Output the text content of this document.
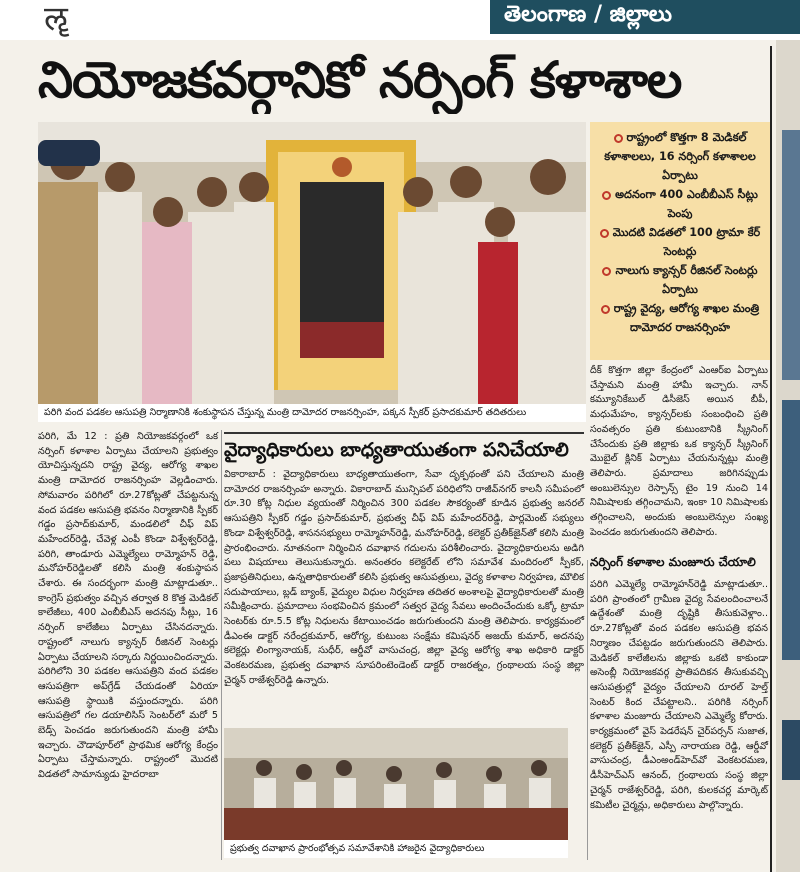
ॡ	తెలంగాణ / జిల్లాలు
నియోజకవర్గానికో నర్సింగ్ కళాశాల
పరిగి వంద పడకల ఆసుపత్రి నిర్మాణానికి శంకుస్థాపన చేస్తున్న మంత్రి దామోదర రాజనర్సింహ, పక్కన స్పీకర్ ప్రసాదకుమార్ తదితరులు
రాష్ట్రంలో కొత్తగా 8 మెడికల్ కళాశాలలు, 16 నర్సింగ్ కళాశాలల ఏర్పాటు
అదనంగా 400 ఎంబీబీఎస్ సీట్లు పెంపు
మొదటి విడతలో 100 ట్రామా కేర్ సెంటర్లు
నాలుగు క్యాన్సర్ రీజినల్ సెంటర్లు ఏర్పాటు
రాష్ట్ర వైద్య, ఆరోగ్య శాఖల మంత్రి దామోదర రాజనర్సింహ
పరిగి, మే 12 : ప్రతి నియోజకవర్గంలో ఒక నర్సింగ్ కళాశాల ఏర్పాటు చేయాలని ప్రభుత్వం యోచిస్తున్నదని రాష్ట్ర వైద్య, ఆరోగ్య శాఖల మంత్రి దామోదర రాజనర్సింహ వెల్లడించారు. సోమవారం పరిగిలో రూ.27కోట్లతో చేపట్టనున్న వంద పడకల ఆసుపత్రి భవనం నిర్మాణానికి స్పీకర్ గడ్డం ప్రసాద్‌కుమార్, మండలిలో చీఫ్ విప్ మహేందర్‌రెడ్డి, చేవెళ్ల ఎంపీ కొండా విశ్వేశ్వర్‌రెడ్డి, పరిగి, తాండూరు ఎమ్మెల్యేలు రామ్మోహన్ రెడ్డి, మనోహర్‌రెడ్డిలతో కలిసి మంత్రి శంకుస్థాపన చేశారు. ఈ సందర్భంగా మంత్రి మాట్లాడుతూ.. కాంగ్రెస్ ప్రభుత్వం వచ్చిన తర్వాత 8 కొత్త మెడికల్ కాలేజీలు, 400 ఎంబీబీఎస్ అదనపు సీట్లు, 16 నర్సింగ్ కాలేజీలు ఏర్పాటు చేసినదన్నారు. రాష్ట్రంలో నాలుగు క్యాన్సర్ రీజినల్ సెంటర్లు ఏర్పాటు చేయాలని సర్కారు నిర్ణయించిందన్నారు. పరిగిలోని 30 పడకల ఆసుపత్రిని వంద పడకల ఆసుపత్రిగా అప్‌గ్రేడ్ చేయడంతో ఏరియా ఆసుపత్రి స్థాయికి వస్తుందన్నారు. పరిగి ఆసుపత్రిలో గల డయాలిసిస్ సెంటర్‌లో మరో 5 బెడ్స్ పెంచడం జరుగుతుందని మంత్రి హామీ ఇచ్చారు. చౌడాపూర్‌లో ప్రాథమిక ఆరోగ్య కేంద్రం ఏర్పాటు చేస్తామన్నారు. రాష్ట్రంలో మొదటి విడతలో సామాన్యుడు హైదరాబా
వైద్యాధికారులు బాధ్యతాయుతంగా పనిచేయాలి
వికారాబాద్ : వైద్యాధికారులు బాధ్యతాయుతంగా, సేవా దృక్పథంతో పని చేయాలని మంత్రి దామోదర రాజనర్సింహ అన్నారు. వికారాబాద్ మున్సిపల్ పరిధిలోని రాజీవ్‌నగర్ కాలనీ సమీపంలో రూ.30 కోట్ల నిధుల వ్యయంతో నిర్మించిన 300 పడకల సౌకర్యంతో కూడిన ప్రభుత్వ జనరల్ ఆసుపత్రిని స్పీకర్ గడ్డం ప్రసాద్‌కుమార్, ప్రభుత్వ చీఫ్ విప్ మహేందర్‌రెడ్డి, పార్లమెంట్ సభ్యులు కొండా విశ్వేశ్వర్‌రెడ్డి, శాసనసభ్యులు రామ్మోహన్‌రెడ్డి, మనోహర్‌రెడ్డి, కలెక్టర్ ప్రతీక్‌జైన్‌తో కలిసి మంత్రి ప్రారంభించారు. నూతనంగా నిర్మించిన దవాఖాన గదులను పరిశీలించారు. వైద్యాధికారులను అడిగి పలు విషయాలు తెలుసుకున్నారు. అనంతరం కలెక్టరేట్ లోని సమావేశ మందిరంలో స్పీకర్, ప్రజాప్రతినిధులు, ఉన్నతాధికారులతో కలిసి ప్రభుత్వ ఆసుపత్రులు, వైద్య కళాశాల నిర్వహణ, మౌలిక సదుపాయాలు, బ్లడ్ బ్యాంక్, వైద్యుల విధుల నిర్వహణ తదితర అంశాలపై వైద్యాధికారులతో మంత్రి సమీక్షించారు. ప్రమాదాలు సంభవించిన క్రమంలో సత్వర వైద్య సేవలు అందించేందుకు ఒక్కో ట్రామా సెంటర్‌కు రూ.5.5 కోట్ల నిధులను కేటాయించడం జరుగుతుందని మంత్రి తెలిపారు. కార్యక్రమంలో డీఎంఈ డాక్టర్ నరేంద్రకుమార్, ఆరోగ్య, కుటుంబ సంక్షేమ కమిషనర్ అజయ్ కుమార్, అదనపు కలెక్టర్లు లింగ్యానాయక్, సుధీర్, ఆర్డీవో వాసుచంద్ర, జిల్లా వైద్య ఆరోగ్య శాఖ అధికారి డాక్టర్ వెంకటరమణ, ప్రభుత్వ దవాఖాన సూపరింటెండెంట్ డాక్టర్ రాజరత్నం, గ్రంథాలయ సంస్థ జిల్లా చైర్మన్ రాజేశ్వర్‌రెడ్డి ఉన్నారు.
ప్రభుత్వ దవాఖాన ప్రారంభోత్సవ సమావేశానికి హాజరైన వైద్యాధికారులు
దీక్ కొత్తగా జిల్లా కేంద్రంలో ఎంఆర్ఐ ఏర్పాటు చేస్తామని మంత్రి హామీ ఇచ్చారు. నాన్ కమ్యూనికేబుల్ డిసీజెస్ అయిన బీపీ, మధుమేహం, క్యాన్సర్‌లకు సంబంధించి ప్రతి సంవత్సరం ప్రతి కుటుంబానికి స్క్రీనింగ్ చేసేందుకు ప్రతి జిల్లాకు ఒక క్యాన్సర్ స్క్రీనింగ్ మొబైల్ క్లినిక్ ఏర్పాటు చేయనున్నట్లు మంత్రి తెలిపారు. ప్రమాదాలు జరిగినప్పుడు అంబులెన్సుల రెస్పాన్స్ టైం 19 నుంచి 14 నిమిషాలకు తగ్గించామని, ఇంకా 10 నిమిషాలకు తగ్గించాలని, అందుకు అంబులెన్సుల సంఖ్య పెంచడం జరుగుతుందని తెలిపారు.
నర్సింగ్ కళాశాల మంజూరు చేయాలి
పరిగి ఎమ్మెల్యే రామ్మోహన్‌రెడ్డి మాట్లాడుతూ.. పరిగి ప్రాంతంలో గ్రామీణ వైద్య సేవలందించాలనే ఉద్దేశంతో మంత్రి దృష్టికి తీసుకువెళ్లాం.. రూ.27కోట్లతో వంద పడకల ఆసుపత్రి భవన నిర్మాణం చేపట్టడం జరుగుతుందని తెలిపారు. మెడికల్ కాలేజీలను జిల్లాకు ఒకటి కాకుండా అసెంబ్లీ నియోజకవర్గ ప్రాతిపదికన తీసుకువచ్చి ఆసుపత్రుల్లో వైద్యం చేయాలని రూరల్ హెల్త్ సెంటర్ కింద చేపట్టాలని.. పరిగికి నర్సింగ్ కళాశాల మంజూరు చేయాలని ఎమ్మెల్యే కోరారు. కార్యక్రమంలో వైస్ పెడరేషన్ చైర్‌పర్సన్ సుజాత, కలెక్టర్ ప్రతీక్‌జైన్, ఎస్పీ నారాయణ రెడ్డి, ఆర్డీవో వాసుచంద్ర, డీఎంఅండ్‌హెచ్‌వో వెంకటరమణ, డీసీహెచ్‌ఎస్ ఆనంద్, గ్రంథాలయ సంస్థ జిల్లా చైర్మన్ రాజేశ్వర్‌రెడ్డి, పరిగి, కులకచర్ల మార్కెట్ కమిటీల చైర్మన్లు, అధికారులు పాల్గొన్నారు.
